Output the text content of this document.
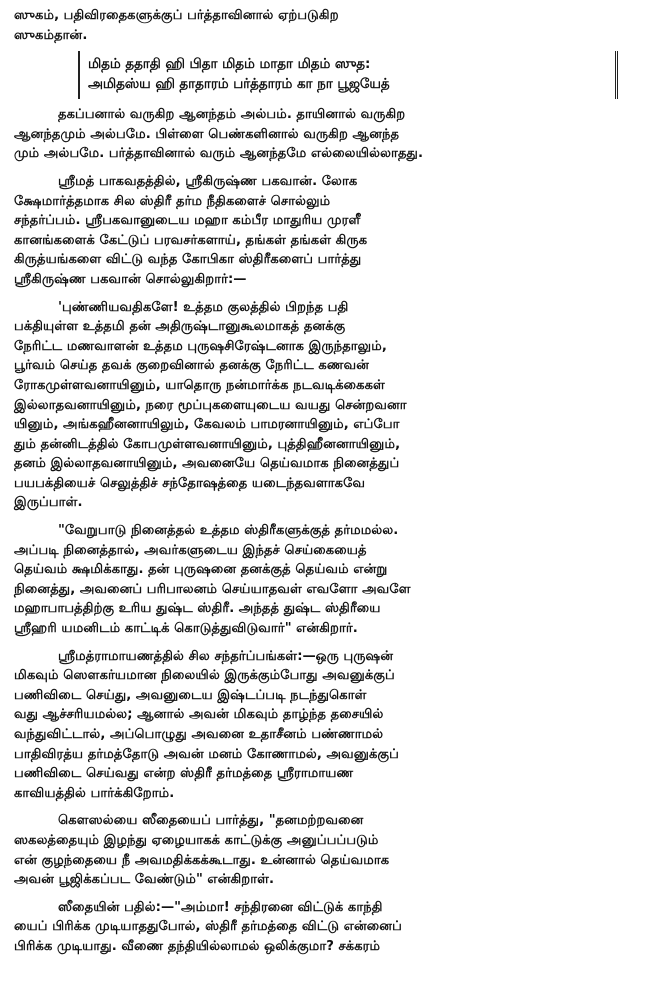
ஸுகம், பதிவிரதைகளுக்குப் பர்த்தாவினால் ஏற்படுகிற

ஸுகம்தான்.

மிதம் ததாதி ஹி பிதா மிதம் மாதா மிதம் ஸுத:

அமிதஸ்ய ஹி தாதாரம் பர்த்தாரம் கா நா பூஜயேத்

தகப்பனால் வருகிற ஆனந்தம் அல்பம். தாயினால் வருகிற

ஆனந்தமும் அல்பமே. பிள்ளை பெண்களினால் வருகிற ஆனந்த

மும் அல்பமே. பர்த்தாவினால் வரும் ஆனந்தமே எல்லையில்லாதது.

ஸ்ரீமத் பாகவதத்தில், ஸ்ரீகிருஷ்ண பகவான். லோக

க்ஷேமார்த்தமாக சில ஸ்திரீ தர்ம நீதிகளைச் சொல்லும்

சந்தர்ப்பம். ஸ்ரீபகவானுடைய மஹா கம்பீர மாதுரிய முரளீ

கானங்களைக் கேட்டுப் பரவசர்களாய், தங்கள் தங்கள் கிருக

கிருத்யங்களை விட்டு வந்த கோபிகா ஸ்திரீகளைப் பார்த்து

ஸ்ரீகிருஷ்ண பகவான் சொல்லுகிறார்:—

'புண்ணியவதிகளே! உத்தம குலத்தில் பிறந்த பதி

பக்தியுள்ள உத்தமி தன் அதிருஷ்டானுகூலமாகத் தனக்கு

நேரிட்ட மணவாளன் உத்தம புருஷசிரேஷ்டனாக இருந்தாலும்,

பூர்வம் செய்த தவக் குறைவினால் தனக்கு நேரிட்ட கணவன்

ரோகமுள்ளவனாயினும், யாதொரு நன்மார்க்க நடவடிக்கைகள்

இல்லாதவனாயினும், நரை மூப்புகளையுடைய வயது சென்றவனா

யினும், அங்கஹீனனாயிலும், கேவலம் பாமரனாயினும், எப்போ

தும் தன்னிடத்தில் கோபமுள்ளவனாயினும், புத்திஹீனனாயினும்,

தனம் இல்லாதவனாயினும், அவனையே தெய்வமாக நினைத்துப்

பயபக்தியைச் செலுத்திச் சந்தோஷத்தை யடைந்தவளாகவே

இருப்பாள்.

"வேறுபாடு நினைத்தல் உத்தம ஸ்திரீகளுக்குத் தர்மமல்ல.

அப்படி நினைத்தால், அவர்களுடைய இந்தச் செய்கையைத்

தெய்வம் க்ஷமிக்காது. தன் புருஷனை தனக்குத் தெய்வம் என்று

நினைத்து, அவனைப் பரிபாலனம் செய்யாதவள் எவளோ அவளே

மஹாபாபத்திற்கு உரிய துஷ்ட ஸ்திரீ. அந்தத் துஷ்ட ஸ்திரீயை

ஸ்ரீஹரி யமனிடம் காட்டிக் கொடுத்துவிடுவார்" என்கிறார்.

ஸ்ரீமத்ராமாயணத்தில் சில சந்தர்ப்பங்கள்:—ஒரு புருஷன்

மிகவும் ஸௌகர்யமான நிலையில் இருக்கும்போது அவனுக்குப்

பணிவிடை செய்து, அவனுடைய இஷ்டப்படி நடந்துகொள்

வது ஆச்சரியமல்ல; ஆனால் அவன் மிகவும் தாழ்ந்த தசையில்

வந்துவிட்டால், அப்பொழுது அவனை உதாசீனம் பண்ணாமல்

பாதிவிரத்ய தர்மத்தோடு அவன் மனம் கோணாமல், அவனுக்குப்

பணிவிடை செய்வது என்ற ஸ்திரீ தர்மத்தை ஸ்ரீராமாயண

காவியத்தில் பார்க்கிறோம்.

கௌஸல்யை ஸீதையைப் பார்த்து, "தனமற்றவனை

ஸகலத்தையும் இழந்து ஏழையாகக் காட்டுக்கு அனுப்பப்படும்

என் குழந்தையை நீ அவமதிக்கக்கூடாது. உன்னால் தெய்வமாக

அவன் பூஜிக்கப்பட வேண்டும்" என்கிறாள்.

ஸீதையின் பதில்:—"அம்மா! சந்திரனை விட்டுக் காந்தி

யைப் பிரிக்க முடியாததுபோல், ஸ்திரீ தர்மத்தை விட்டு என்னைப்

பிரிக்க முடியாது. வீணை தந்தியில்லாமல் ஒலிக்குமா? சக்கரம்
